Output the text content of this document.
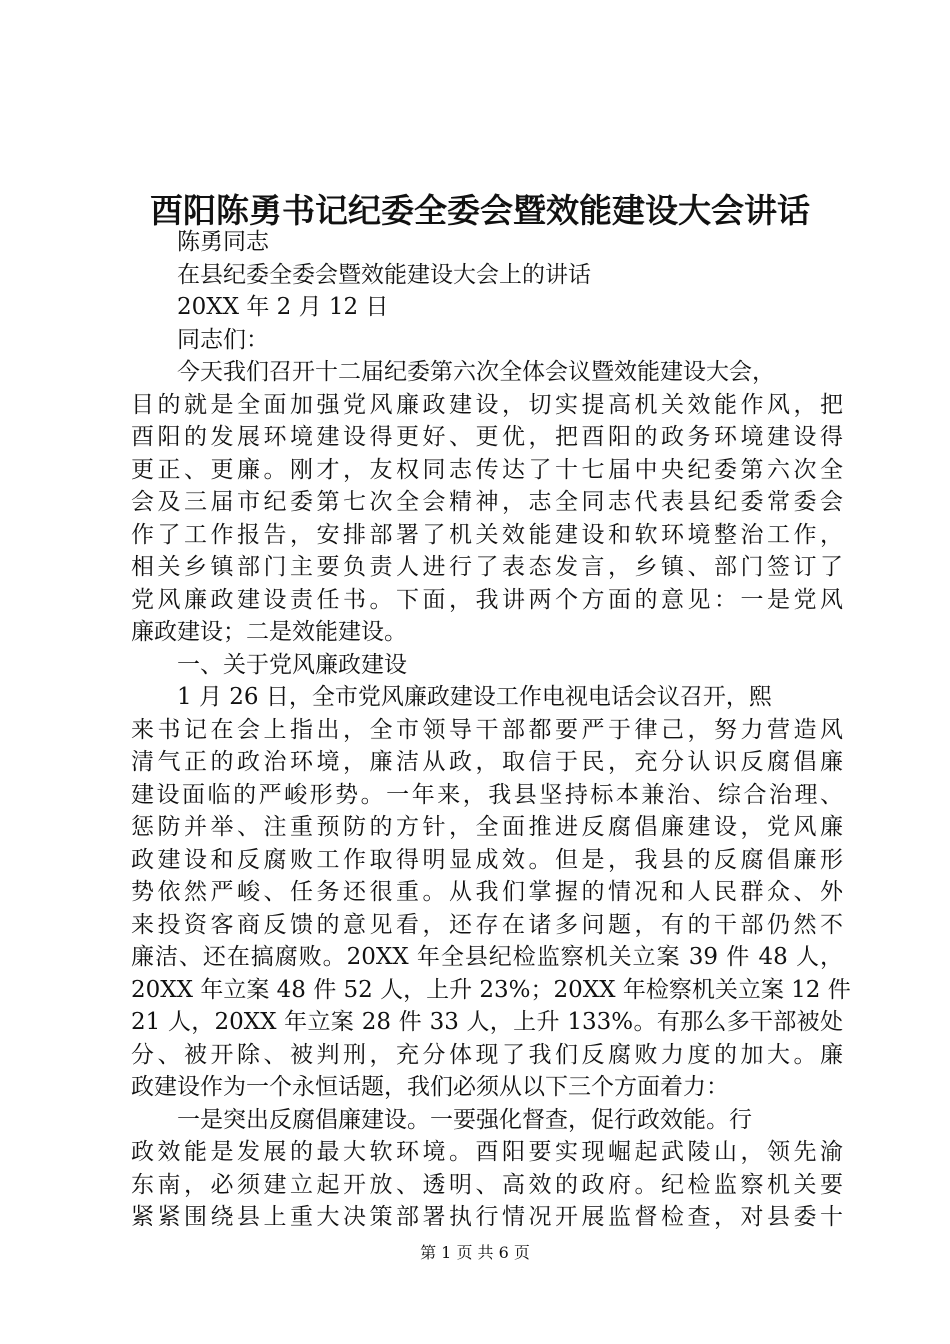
酉阳陈勇书记纪委全委会暨效能建设大会讲话
陈勇同志
在县纪委全委会暨效能建设大会上的讲话
20XX 年 2 月 12 日
同志们：
今天我们召开十二届纪委第六次全体会议暨效能建设大会，
目的就是全面加强党风廉政建设，切实提高机关效能作风，把
酉阳的发展环境建设得更好、更优，把酉阳的政务环境建设得
更正、更廉。刚才，友权同志传达了十七届中央纪委第六次全
会及三届市纪委第七次全会精神，志全同志代表县纪委常委会
作了工作报告，安排部署了机关效能建设和软环境整治工作，
相关乡镇部门主要负责人进行了表态发言，乡镇、部门签订了
党风廉政建设责任书。下面，我讲两个方面的意见：一是党风
廉政建设；二是效能建设。
一、关于党风廉政建设
1 月 26 日，全市党风廉政建设工作电视电话会议召开，熙
来书记在会上指出，全市领导干部都要严于律己，努力营造风
清气正的政治环境，廉洁从政，取信于民，充分认识反腐倡廉
建设面临的严峻形势。一年来，我县坚持标本兼治、综合治理、
惩防并举、注重预防的方针，全面推进反腐倡廉建设，党风廉
政建设和反腐败工作取得明显成效。但是，我县的反腐倡廉形
势依然严峻、任务还很重。从我们掌握的情况和人民群众、外
来投资客商反馈的意见看，还存在诸多问题，有的干部仍然不
廉洁、还在搞腐败。20XX 年全县纪检监察机关立案 39 件 48 人，
20XX 年立案 48 件 52 人，上升 23%；20XX 年检察机关立案 12 件
21 人，20XX 年立案 28 件 33 人，上升 133%。有那么多干部被处
分、被开除、被判刑，充分体现了我们反腐败力度的加大。廉
政建设作为一个永恒话题，我们必须从以下三个方面着力：
一是突出反腐倡廉建设。一要强化督查，促行政效能。行
政效能是发展的最大软环境。酉阳要实现崛起武陵山，领先渝
东南，必须建立起开放、透明、高效的政府。纪检监察机关要
紧紧围绕县上重大决策部署执行情况开展监督检查，对县委十
第 1 页 共 6 页
